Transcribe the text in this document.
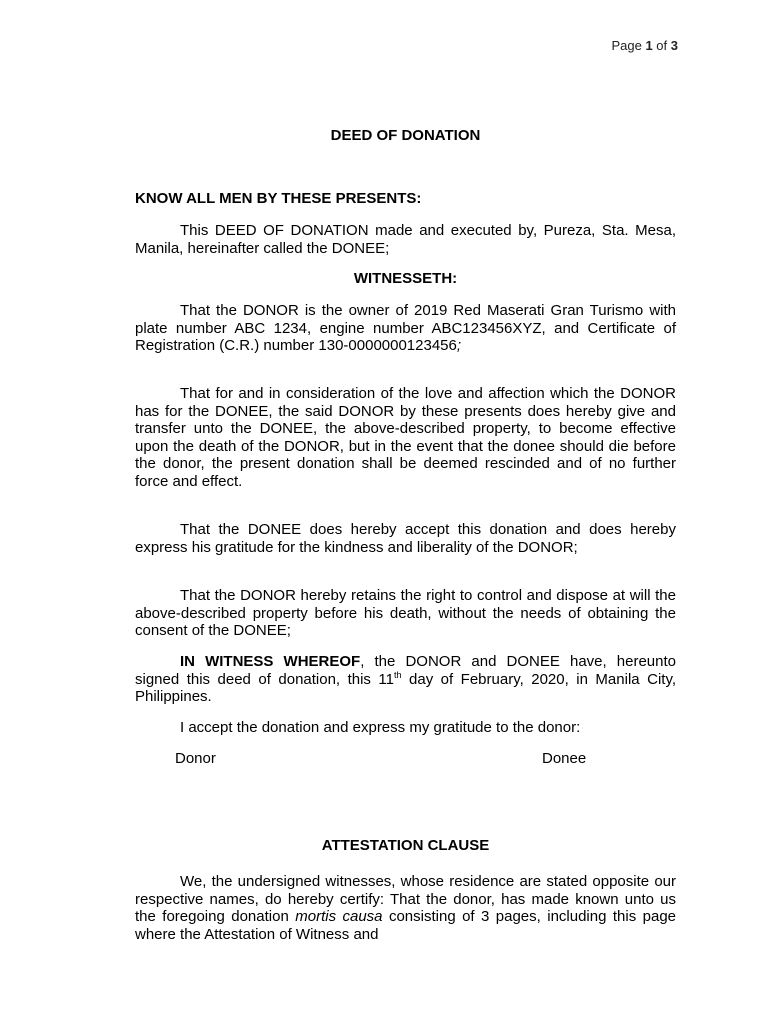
Page 1 of 3
DEED OF DONATION
KNOW ALL MEN BY THESE PRESENTS:

This DEED OF DONATION made and executed by, Pureza, Sta. Mesa, Manila, hereinafter called the DONEE;

WITNESSETH:

That the DONOR is the owner of 2019 Red Maserati Gran Turismo with plate number ABC 1234, engine number ABC123456XYZ, and Certificate of Registration (C.R.) number 130-0000000123456;

That for and in consideration of the love and affection which the DONOR has for the DONEE, the said DONOR by these presents does hereby give and transfer unto the DONEE, the above-described property, to become effective upon the death of the DONOR, but in the event that the donee should die before the donor, the present donation shall be deemed rescinded and of no further force and effect.

That the DONEE does hereby accept this donation and does hereby express his gratitude for the kindness and liberality of the DONOR;

That the DONOR hereby retains the right to control and dispose at will the above-described property before his death, without the needs of obtaining the consent of the DONEE;

IN WITNESS WHEREOF, the DONOR and DONEE have, hereunto signed this deed of donation, this 11th day of February, 2020, in Manila City, Philippines.

I accept the donation and express my gratitude to the donor:

Donor	Donee
ATTESTATION CLAUSE

We, the undersigned witnesses, whose residence are stated opposite our respective names, do hereby certify: That the donor, has made known unto us the foregoing donation mortis causa consisting of 3 pages, including this page where the Attestation of Witness and
